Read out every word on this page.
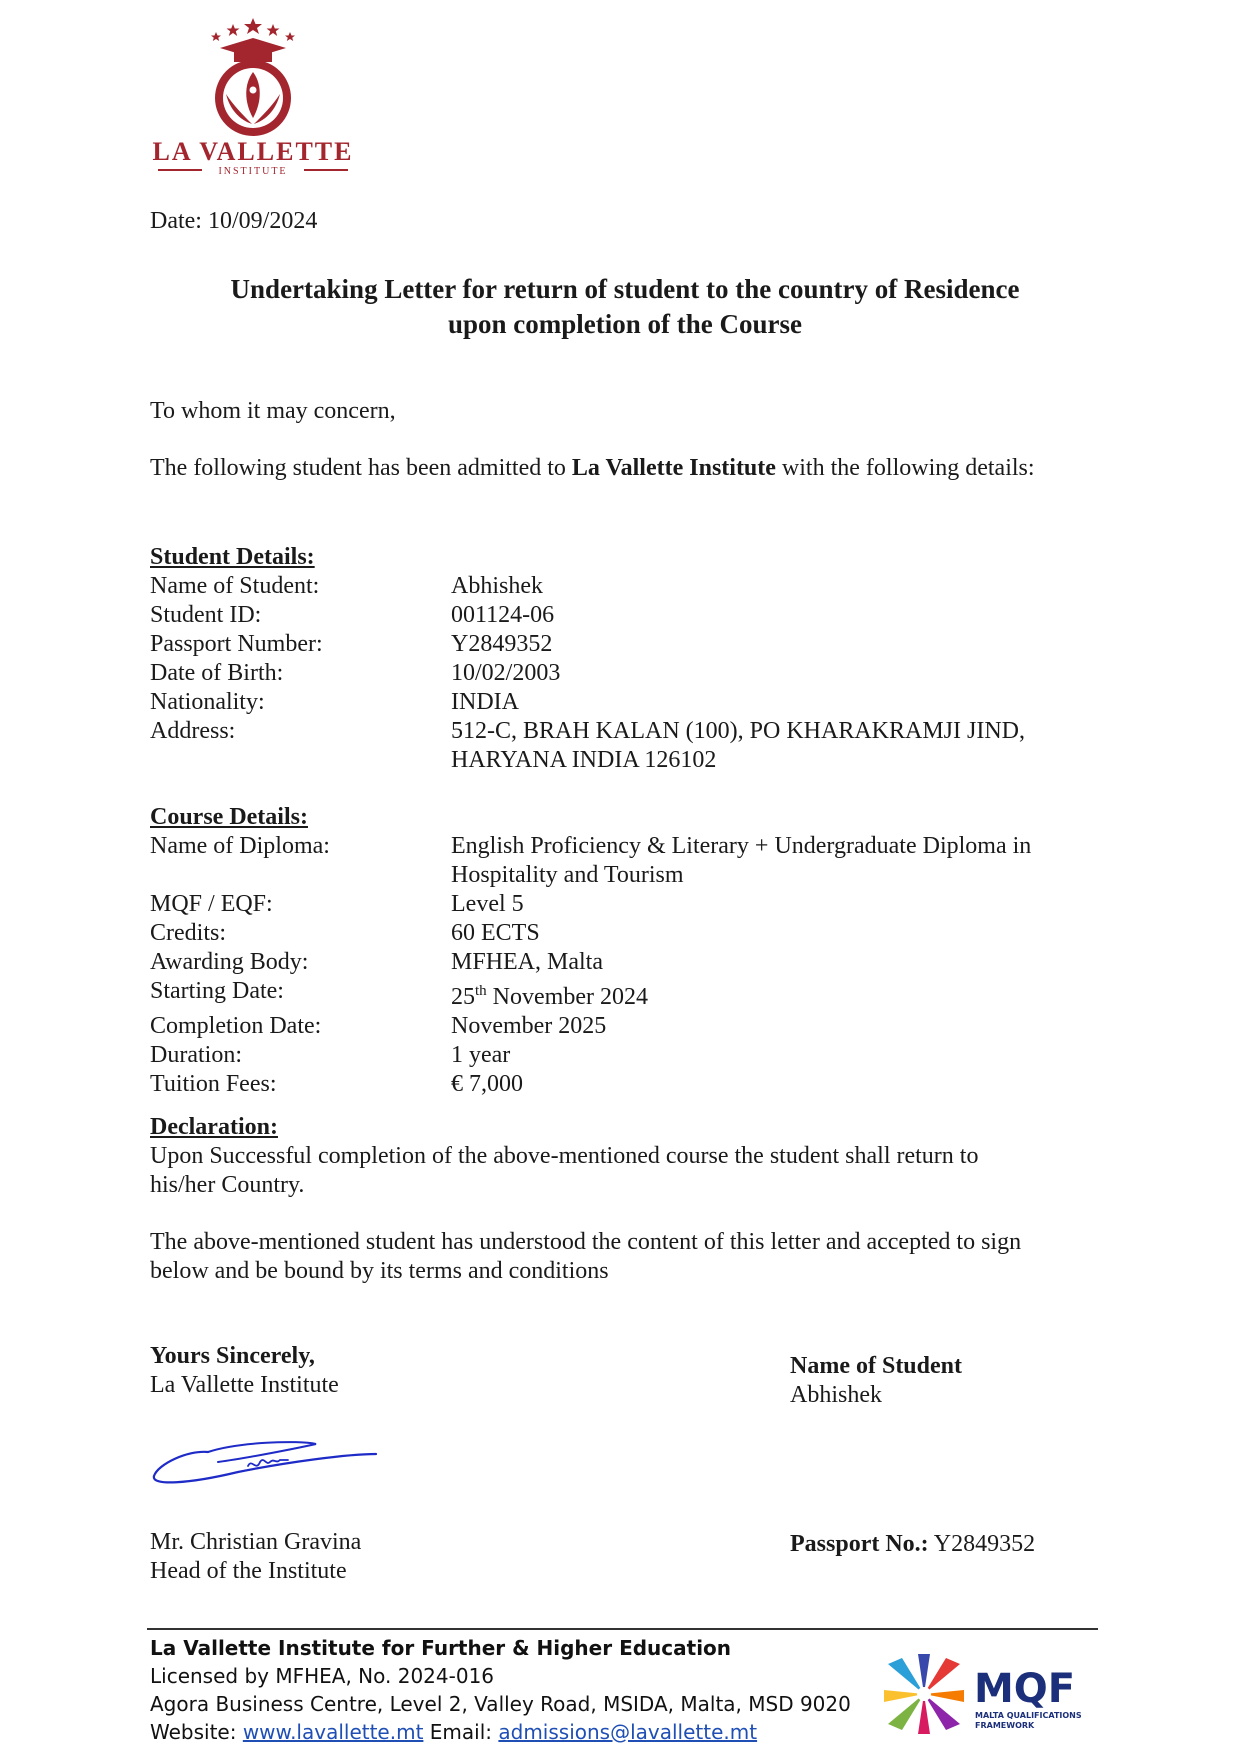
LA VALLETTE
INSTITUTE
Date: 10/09/2024
Undertaking Letter for return of student to the country of Residence
upon completion of the Course
To whom it may concern,
The following student has been admitted to La Vallette Institute with the following details:
Student Details:
Name of Student:	Abhishek
Student ID:	001124-06
Passport Number:	Y2849352
Date of Birth:	10/02/2003
Nationality:	INDIA
Address:	512-C, BRAH KALAN (100), PO KHARAKRAMJI JIND,
HARYANA INDIA 126102
Course Details:
Name of Diploma:	English Proficiency & Literary + Undergraduate Diploma in
Hospitality and Tourism
MQF / EQF:	Level 5
Credits:	60 ECTS
Awarding Body:	MFHEA, Malta
Starting Date:	25th November 2024
Completion Date:	November 2025
Duration:	1 year
Tuition Fees:	€ 7,000
Declaration:
Upon Successful completion of the above-mentioned course the student shall return to
his/her Country.
The above-mentioned student has understood the content of this letter and accepted to sign
below and be bound by its terms and conditions
Yours Sincerely,
La Vallette Institute
Mr. Christian Gravina
Head of the Institute
Name of Student
Abhishek
Passport No.: Y2849352
La Vallette Institute for Further & Higher Education
Licensed by MFHEA, No. 2024-016
Agora Business Centre, Level 2, Valley Road, MSIDA, Malta, MSD 9020
Website: www.lavallette.mt Email: admissions@lavallette.mt
MQF
MALTA QUALIFICATIONS
FRAMEWORK
